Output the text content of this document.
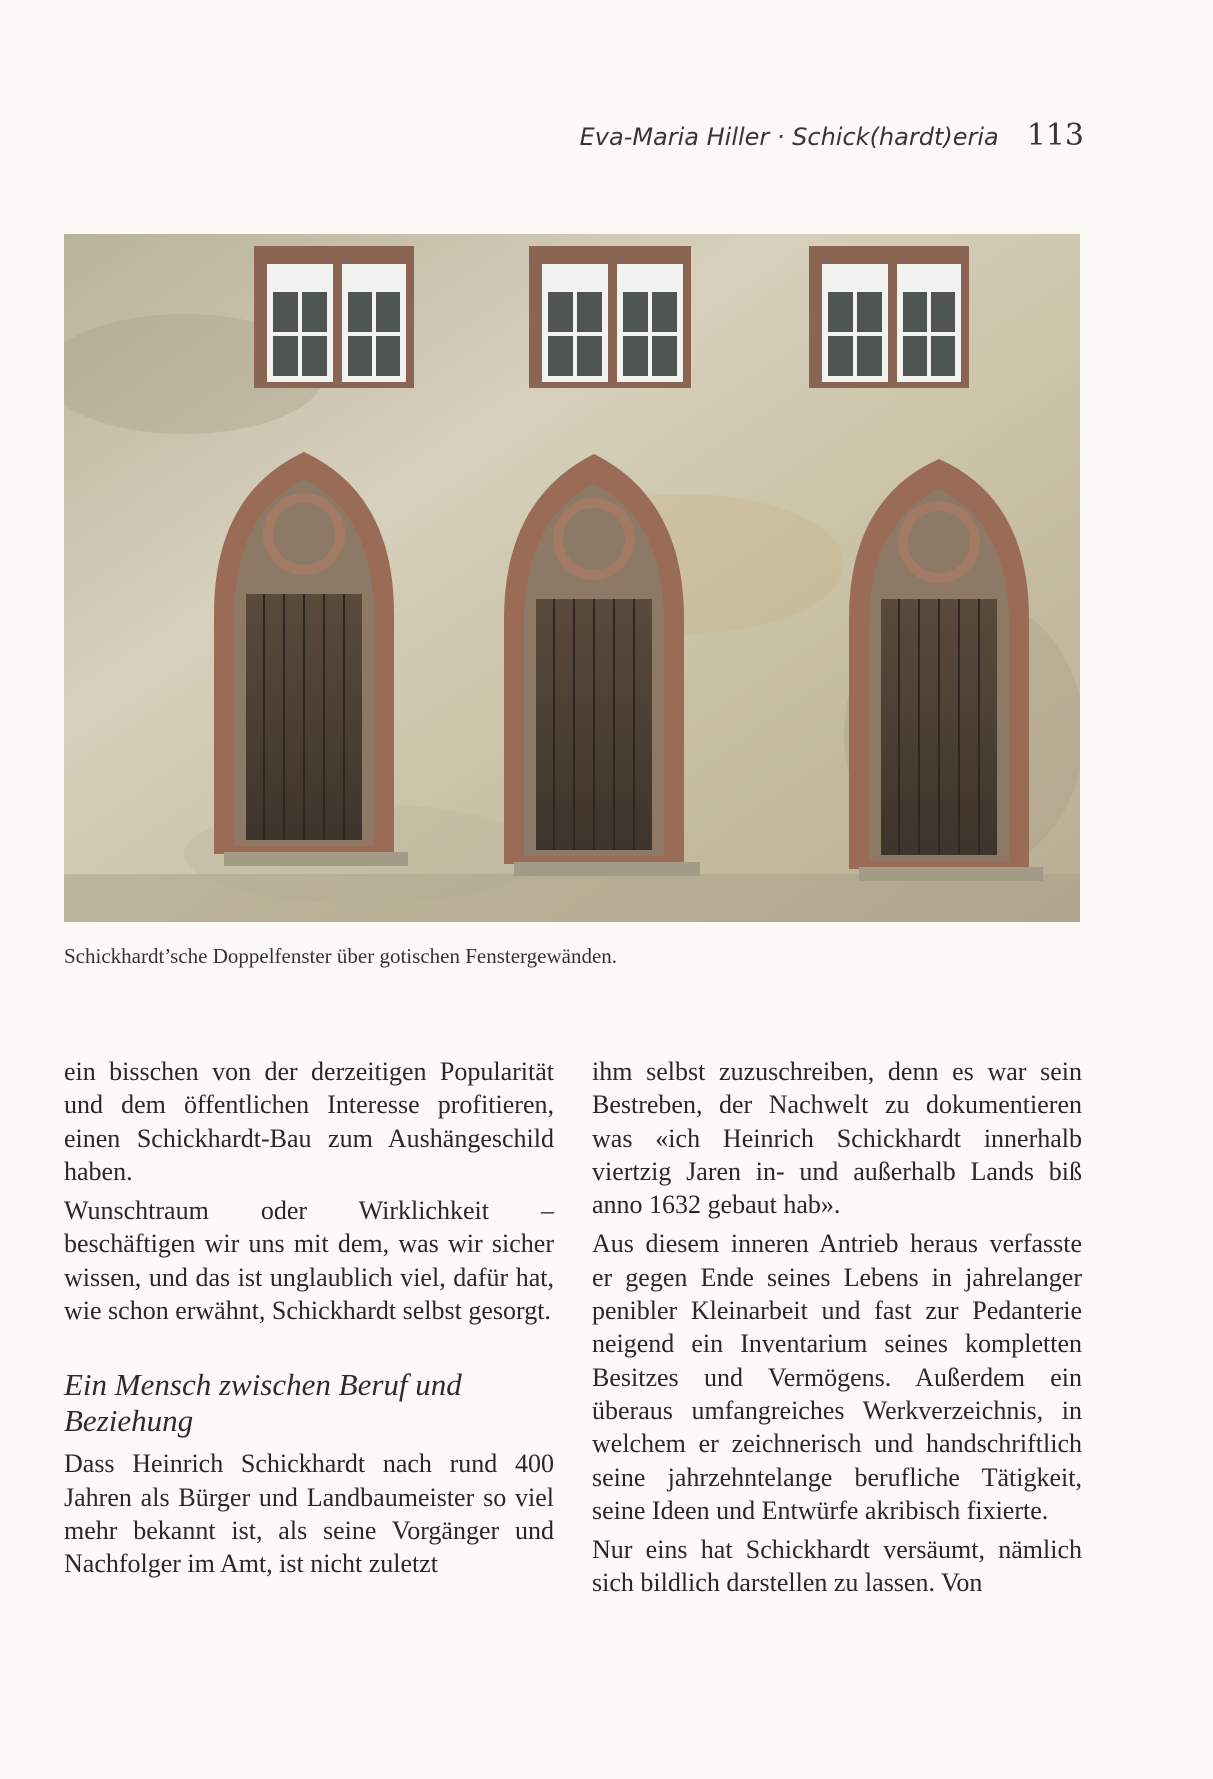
Eva-Maria Hiller · Schick(hardt)eria 113
Schickhardt’sche Doppelfenster über gotischen Fenstergewänden.

ein bisschen von der derzeitigen Popularität und dem öffentlichen Interesse profitieren, einen Schickhardt-Bau zum Aushängeschild haben.

Wunschtraum oder Wirklichkeit – beschäftigen wir uns mit dem, was wir sicher wissen, und das ist unglaublich viel, dafür hat, wie schon erwähnt, Schickhardt selbst gesorgt.

Ein Mensch zwischen Beruf und Beziehung

Dass Heinrich Schickhardt nach rund 400 Jahren als Bürger und Landbaumeister so viel mehr bekannt ist, als seine Vorgänger und Nachfolger im Amt, ist nicht zuletzt

ihm selbst zuzuschreiben, denn es war sein Bestreben, der Nachwelt zu dokumentieren was «ich Heinrich Schickhardt innerhalb viertzig Jaren in- und außerhalb Lands biß anno 1632 gebaut hab».

Aus diesem inneren Antrieb heraus verfasste er gegen Ende seines Lebens in jahrelanger penibler Kleinarbeit und fast zur Pedanterie neigend ein Inventarium seines kompletten Besitzes und Vermögens. Außerdem ein überaus umfangreiches Werkverzeichnis, in welchem er zeichnerisch und handschriftlich seine jahrzehntelange berufliche Tätigkeit, seine Ideen und Entwürfe akribisch fixierte.

Nur eins hat Schickhardt versäumt, nämlich sich bildlich darstellen zu lassen. Von
